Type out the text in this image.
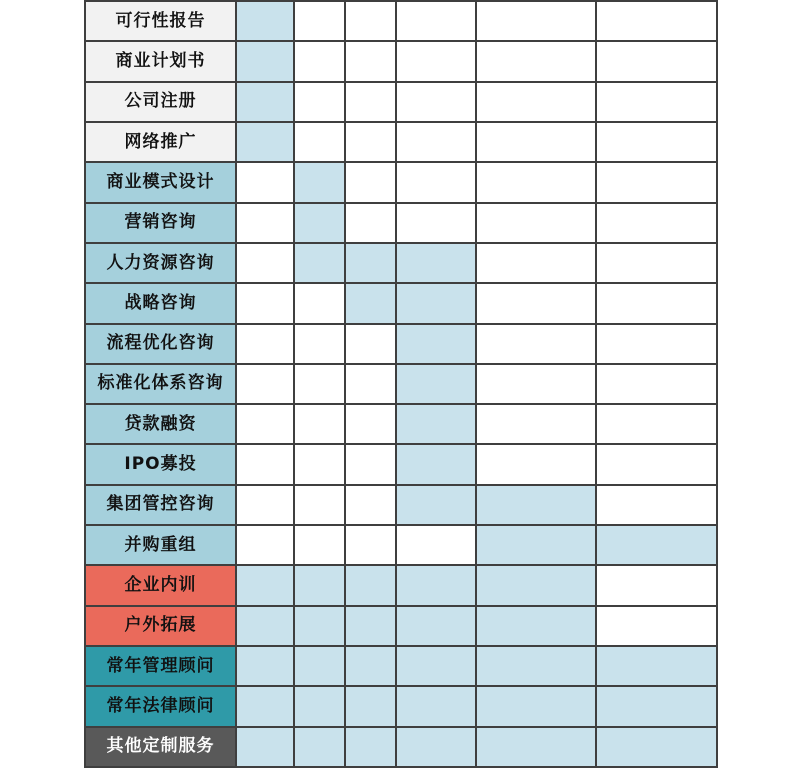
可行性报告
商业计划书
公司注册
网络推广
商业模式设计
营销咨询
人力资源咨询
战略咨询
流程优化咨询
标准化体系咨询
贷款融资
IPO募投
集团管控咨询
并购重组
企业内训
户外拓展
常年管理顾问
常年法律顾问
其他定制服务
